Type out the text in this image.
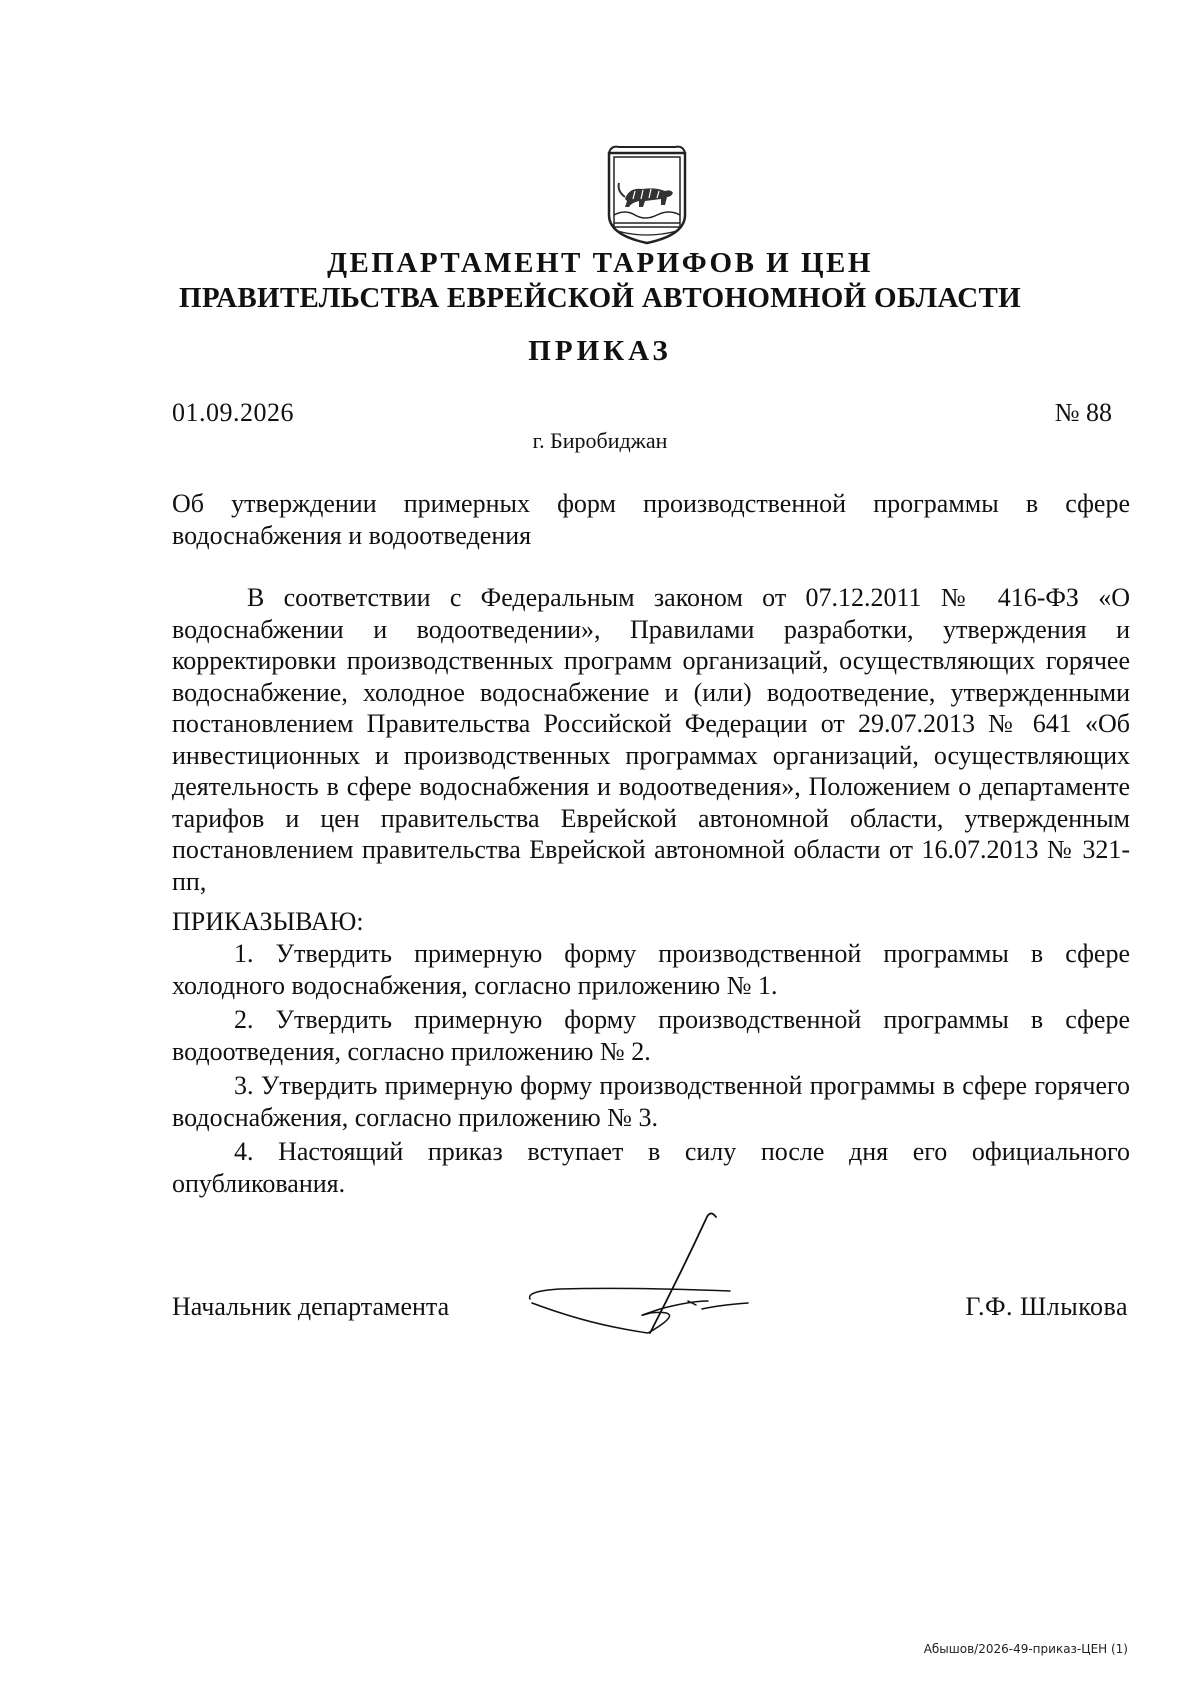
ДЕПАРТАМЕНТ ТАРИФОВ И ЦЕН
ПРАВИТЕЛЬСТВА ЕВРЕЙСКОЙ АВТОНОМНОЙ ОБЛАСТИ
ПРИКАЗ
01.09.2026	№ 88
г. Биробиджан
Об утверждении примерных форм производственной программы в сфере водоснабжения и водоотведения
В соответствии с Федеральным законом от 07.12.2011 № 416-ФЗ «О водоснабжении и водоотведении», Правилами разработки, утверждения и корректировки производственных программ организаций, осуществляющих горячее водоснабжение, холодное водоснабжение и (или) водоотведение, утвержденными постановлением Правительства Российской Федерации от 29.07.2013 № 641 «Об инвестиционных и производственных программах организаций, осуществляющих деятельность в сфере водоснабжения и водоотведения», Положением о департаменте тарифов и цен правительства Еврейской автономной области, утвержденным постановлением правительства Еврейской автономной области от 16.07.2013 № 321-пп,
ПРИКАЗЫВАЮ:
1. Утвердить примерную форму производственной программы в сфере холодного водоснабжения, согласно приложению № 1.
2. Утвердить примерную форму производственной программы в сфере водоотведения, согласно приложению № 2.
3. Утвердить примерную форму производственной программы в сфере горячего водоснабжения, согласно приложению № 3.
4. Настоящий приказ вступает в силу после дня его официального опубликования.
Начальник департамента	Г.Ф. Шлыкова
Абышов/2026-49-приказ-ЦЕН (1)
